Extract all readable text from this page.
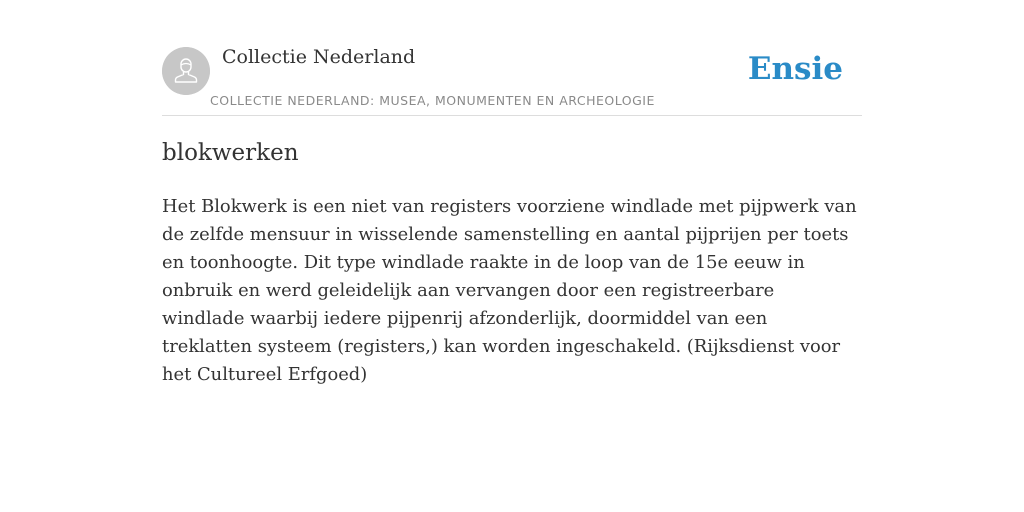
Collectie Nederland
COLLECTIE NEDERLAND: MUSEA, MONUMENTEN EN ARCHEOLOGIE
Ensie
blokwerken

Het Blokwerk is een niet van registers voorziene windlade met pijpwerk van de zelfde mensuur in wisselende samenstelling en aantal pijprijen per toets en toonhoogte. Dit type windlade raakte in de loop van de 15e eeuw in onbruik en werd geleidelijk aan vervangen door een registreerbare windlade waarbij iedere pijpenrij afzonderlijk, doormiddel van een treklatten systeem (registers,) kan worden ingeschakeld. (Rijksdienst voor het Cultureel Erfgoed)
